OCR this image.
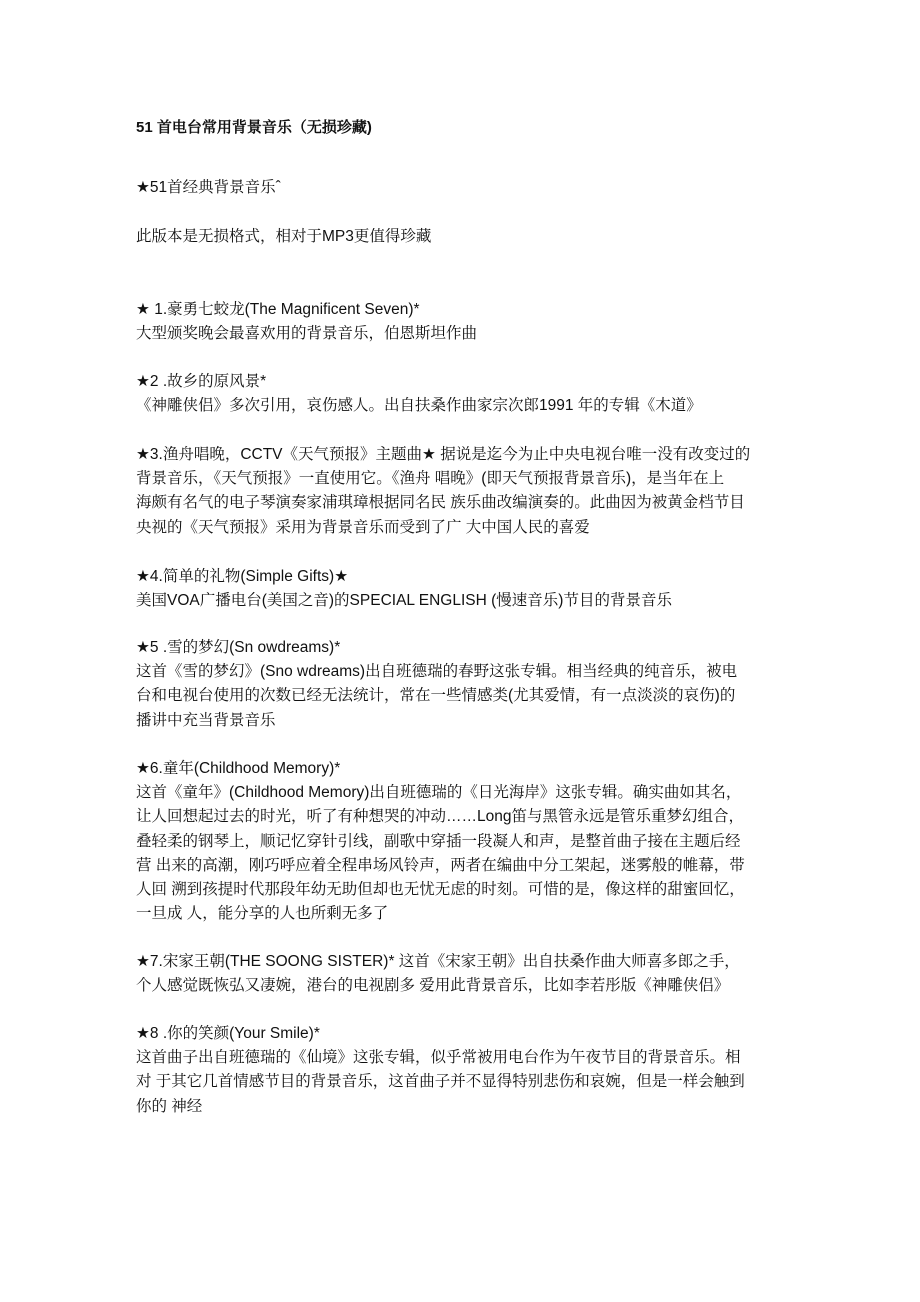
51 首电台常用背景音乐（无损珍藏)
★51首经典背景音乐ˆ
此版本是无损格式，相对于MP3更值得珍藏
★ 1.豪勇七蛟龙(The Magnificent Seven)*
大型颁奖晚会最喜欢用的背景音乐，伯恩斯坦作曲
★2 .故乡的原风景*
《神雕侠侣》多次引用，哀伤感人。出自扶桑作曲家宗次郎1991 年的专辑《木道》
★3.渔舟唱晚，CCTV《天气预报》主题曲★ 据说是迄今为止中央电视台唯一没有改变过的
背景音乐，《天气预报》一直使用它。《渔舟 唱晚》(即天气预报背景音乐)，是当年在上
海颇有名气的电子琴演奏家浦琪璋根据同名民 族乐曲改编演奏的。此曲因为被黄金档节目
央视的《天气预报》采用为背景音乐而受到了广 大中国人民的喜爱
★4.简单的礼物(Simple Gifts)★
美国VOA广播电台(美国之音)的SPECIAL ENGLISH (慢速音乐)节目的背景音乐
★5 .雪的梦幻(Sn owdreams)*
这首《雪的梦幻》(Sno wdreams)出自班德瑞的春野这张专辑。相当经典的纯音乐，被电
台和电视台使用的次数已经无法统计，常在一些情感类(尤其爱情，有一点淡淡的哀伤)的
播讲中充当背景音乐
★6.童年(Childhood Memory)*
这首《童年》(Childhood Memory)出自班德瑞的《日光海岸》这张专辑。确实曲如其名，
让人回想起过去的时光，听了有种想哭的冲动……Long笛与黑管永远是管乐重梦幻组合，
叠轻柔的钢琴上，顺记忆穿针引线，副歌中穿插一段凝人和声，是整首曲子接在主题后经
营 出来的高潮，刚巧呼应着全程串场风铃声，两者在编曲中分工架起，迷雾般的帷幕，带
人回 溯到孩提时代那段年幼无助但却也无忧无虑的时刻。可惜的是，像这样的甜蜜回忆，
一旦成 人，能分享的人也所剩无多了
★7.宋家王朝(THE SOONG SISTER)* 这首《宋家王朝》出自扶桑作曲大师喜多郎之手，
个人感觉既恢弘又凄婉，港台的电视剧多 爱用此背景音乐，比如李若彤版《神雕侠侣》
★8 .你的笑颜(Your Smile)*
这首曲子出自班德瑞的《仙境》这张专辑，似乎常被用电台作为午夜节目的背景音乐。相
对 于其它几首情感节目的背景音乐，这首曲子并不显得特别悲伤和哀婉，但是一样会触到
你的 神经
